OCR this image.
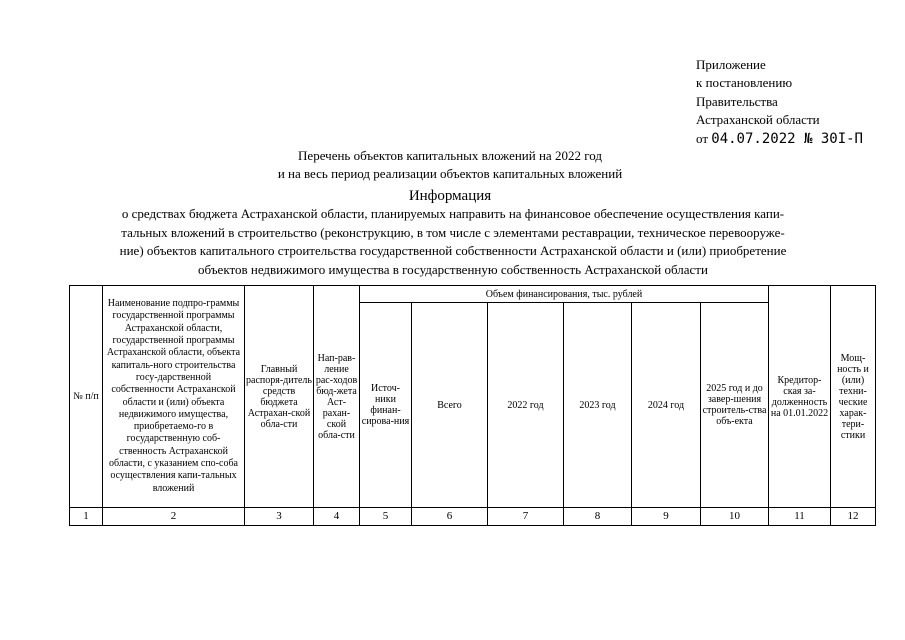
Приложение
к постановлению
Правительства
Астраханской области
от 04.07.2022 № 30I-П
Перечень объектов капитальных вложений на 2022 год
и на весь период реализации объектов капитальных вложений
Информация
о средствах бюджета Астраханской области, планируемых направить на финансовое обеспечение осуществления капи-
тальных вложений в строительство (реконструкцию, в том числе с элементами реставрации, техническое перевооруже-
ние) объектов капитального строительства государственной собственности Астраханской области и (или) приобретение
объектов недвижимого имущества в государственную собственность Астраханской области
№ п/п	Наименование подпро-граммы государственной программы Астраханской области, государственной программы Астраханской области, объекта капиталь-ного строительства госу-дарственной собственности Астраханской области и (или) объекта недвижимого имущества, приобретаемо-го в государственную соб-ственность Астраханской области, с указанием спо-соба осуществления капи-тальных вложений	Главный распоря-дитель средств бюджета Астрахан-ской обла-сти	Нап-рав-ление рас-ходов бюд-жета Аст-рахан-ской обла-сти	Объем финансирования, тыс. рублей						Кредитор-ская за-долженность на 01.01.2022	Мощ-ность и (или) техни-ческие харак-тери-стики
				Источ-ники финан-сирова-ния	Всего	2022 год	2023 год	2024 год	2025 год и до завер-шения строитель-ства объ-екта		
1	2	3	4	5	6	7	8	9	10	11	12
